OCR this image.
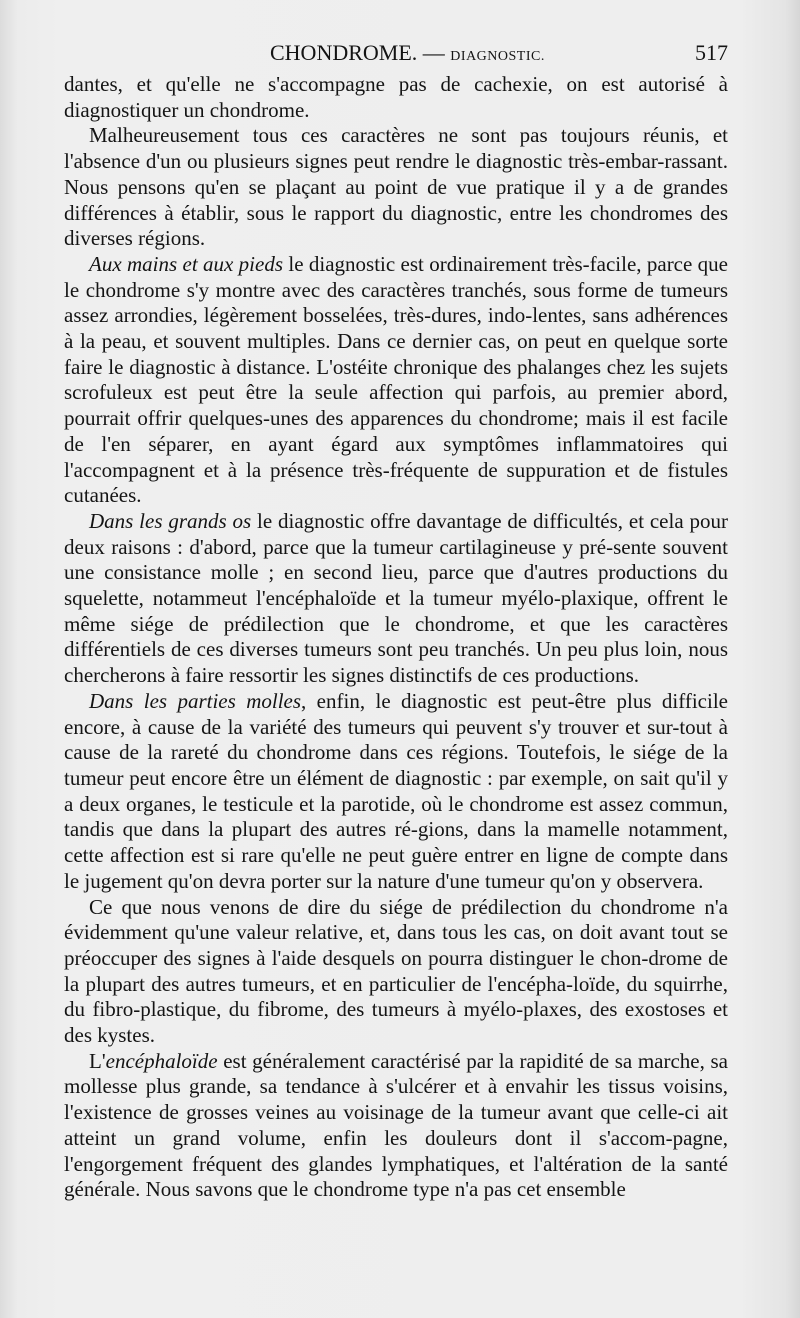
CHONDROME. — DIAGNOSTIC.	517

dantes, et qu'elle ne s'accompagne pas de cachexie, on est autorisé à diagnostiquer un chondrome.

Malheureusement tous ces caractères ne sont pas toujours réunis, et l'absence d'un ou plusieurs signes peut rendre le diagnostic très-embar-rassant. Nous pensons qu'en se plaçant au point de vue pratique il y a de grandes différences à établir, sous le rapport du diagnostic, entre les chondromes des diverses régions.

Aux mains et aux pieds le diagnostic est ordinairement très-facile, parce que le chondrome s'y montre avec des caractères tranchés, sous forme de tumeurs assez arrondies, légèrement bosselées, très-dures, indo-lentes, sans adhérences à la peau, et souvent multiples. Dans ce dernier cas, on peut en quelque sorte faire le diagnostic à distance. L'ostéite chronique des phalanges chez les sujets scrofuleux est peut être la seule affection qui parfois, au premier abord, pourrait offrir quelques-unes des apparences du chondrome; mais il est facile de l'en séparer, en ayant égard aux symptômes inflammatoires qui l'accompagnent et à la présence très-fréquente de suppuration et de fistules cutanées.

Dans les grands os le diagnostic offre davantage de difficultés, et cela pour deux raisons : d'abord, parce que la tumeur cartilagineuse y pré-sente souvent une consistance molle ; en second lieu, parce que d'autres productions du squelette, notammeut l'encéphaloïde et la tumeur myélo-plaxique, offrent le même siége de prédilection que le chondrome, et que les caractères différentiels de ces diverses tumeurs sont peu tranchés. Un peu plus loin, nous chercherons à faire ressortir les signes distinctifs de ces productions.

Dans les parties molles, enfin, le diagnostic est peut-être plus difficile encore, à cause de la variété des tumeurs qui peuvent s'y trouver et sur-tout à cause de la rareté du chondrome dans ces régions. Toutefois, le siége de la tumeur peut encore être un élément de diagnostic : par exemple, on sait qu'il y a deux organes, le testicule et la parotide, où le chondrome est assez commun, tandis que dans la plupart des autres ré-gions, dans la mamelle notamment, cette affection est si rare qu'elle ne peut guère entrer en ligne de compte dans le jugement qu'on devra porter sur la nature d'une tumeur qu'on y observera.

Ce que nous venons de dire du siége de prédilection du chondrome n'a évidemment qu'une valeur relative, et, dans tous les cas, on doit avant tout se préoccuper des signes à l'aide desquels on pourra distinguer le chon-drome de la plupart des autres tumeurs, et en particulier de l'encépha-loïde, du squirrhe, du fibro-plastique, du fibrome, des tumeurs à myélo-plaxes, des exostoses et des kystes.

L'encéphaloïde est généralement caractérisé par la rapidité de sa marche, sa mollesse plus grande, sa tendance à s'ulcérer et à envahir les tissus voisins, l'existence de grosses veines au voisinage de la tumeur avant que celle-ci ait atteint un grand volume, enfin les douleurs dont il s'accom-pagne, l'engorgement fréquent des glandes lymphatiques, et l'altération de la santé générale. Nous savons que le chondrome type n'a pas cet ensemble
